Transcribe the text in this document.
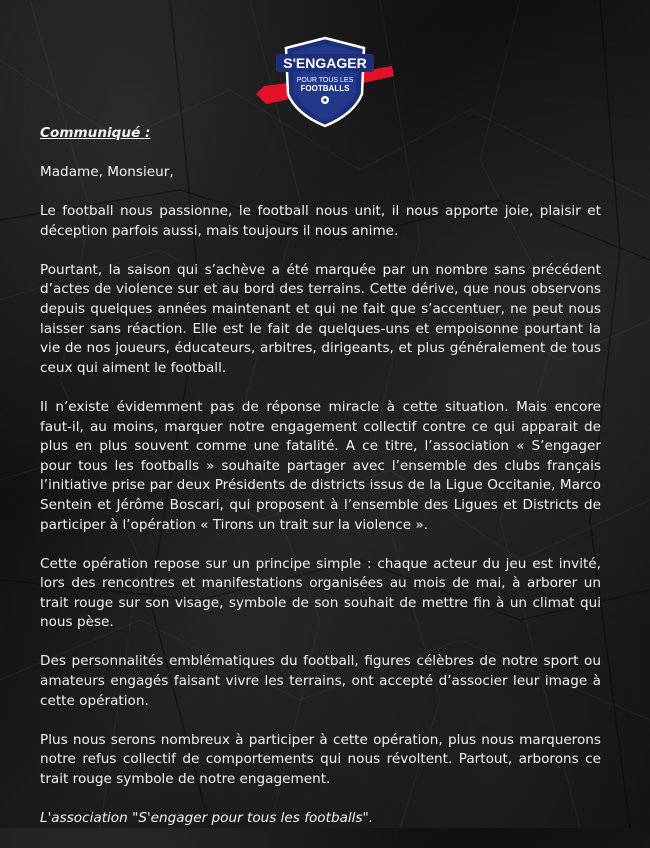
S'ENGAGER
POUR TOUS LES
FOOTBALLS

Communiqué :

Madame, Monsieur,

Le football nous passionne, le football nous unit, il nous apporte joie, plaisir et déception parfois aussi, mais toujours il nous anime.

Pourtant, la saison qui s’achève a été marquée par un nombre sans précédent d’actes de violence sur et au bord des terrains. Cette dérive, que nous observons depuis quelques années maintenant et qui ne fait que s’accentuer, ne peut nous laisser sans réaction. Elle est le fait de quelques-uns et empoisonne pourtant la vie de nos joueurs, éducateurs, arbitres, dirigeants, et plus généralement de tous ceux qui aiment le football.

Il n’existe évidemment pas de réponse miracle à cette situation. Mais encore faut-il, au moins, marquer notre engagement collectif contre ce qui apparait de plus en plus souvent comme une fatalité. A ce titre, l’association « S’engager pour tous les footballs » souhaite partager avec l’ensemble des clubs français l’initiative prise par deux Présidents de districts issus de la Ligue Occitanie, Marco Sentein et Jérôme Boscari, qui proposent à l’ensemble des Ligues et Districts de participer à l’opération « Tirons un trait sur la violence ».

Cette opération repose sur un principe simple : chaque acteur du jeu est invité, lors des rencontres et manifestations organisées au mois de mai, à arborer un trait rouge sur son visage, symbole de son souhait de mettre fin à un climat qui nous pèse.

Des personnalités emblématiques du football, figures célèbres de notre sport ou amateurs engagés faisant vivre les terrains, ont accepté d’associer leur image à cette opération.

Plus nous serons nombreux à participer à cette opération, plus nous marquerons notre refus collectif de comportements qui nous révoltent. Partout, arborons ce trait rouge symbole de notre engagement.

L'association "S'engager pour tous les footballs".
